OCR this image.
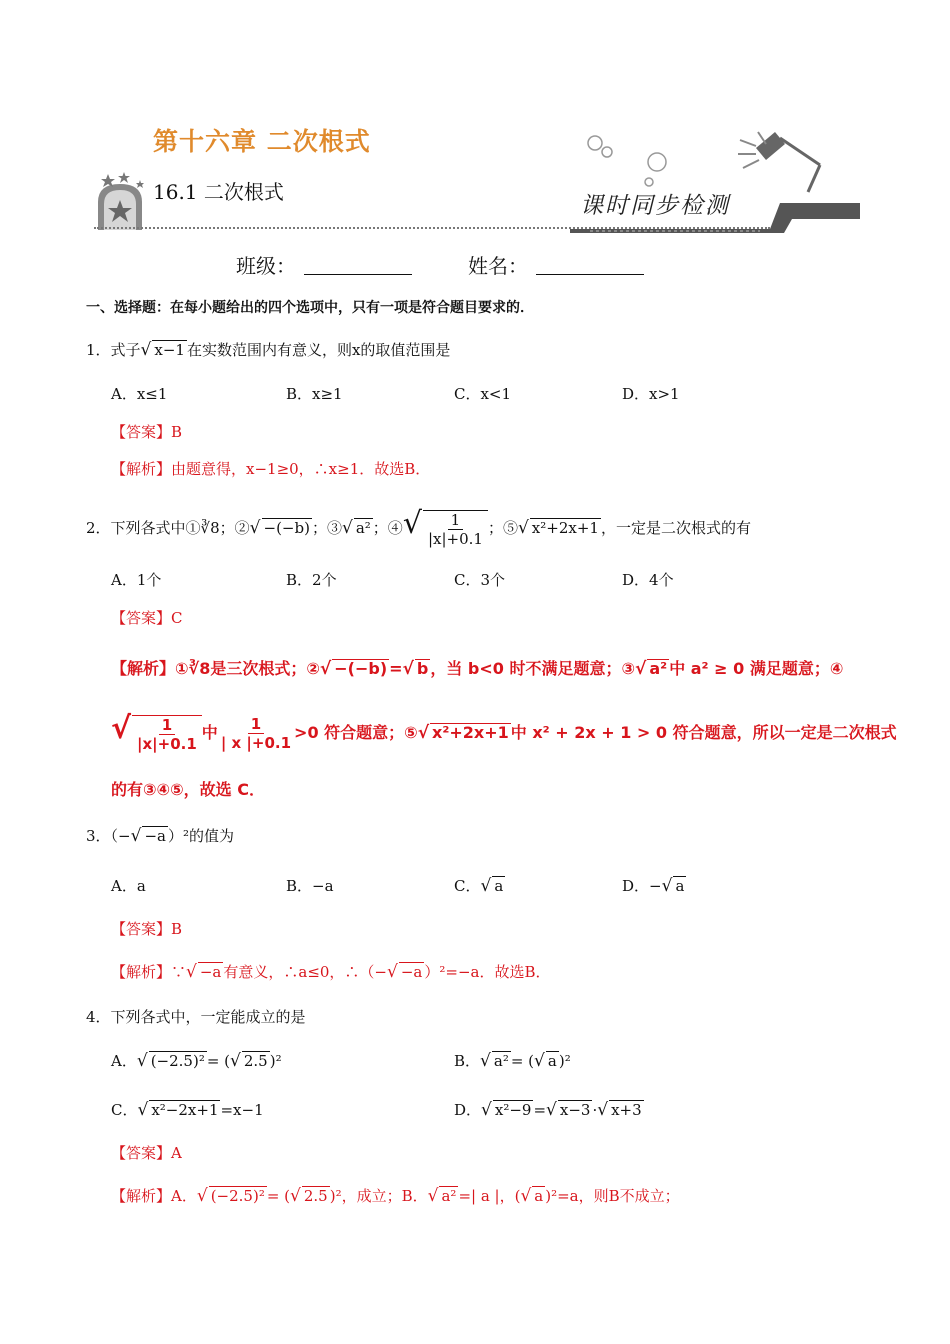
第十六章 二次根式
课时同步检测
16.1 二次根式
班级：	姓名：
一、选择题：在每小题给出的四个选项中，只有一项是符合题目要求的．
1．式子√ x−1 在实数范围内有意义，则x的取值范围是
A．x≤1	B．x≥1	C．x<1	D．x>1
【答案】B
【解析】由题意得，x−1≥0，∴x≥1．故选B．
2．下列各式中①∛8；②√ −(−b) ；③√ a² ；④√ $\frac{1}{|x|+0.1}$ ；⑤√ x²+2x+1 ，一定是二次根式的有
A．1个	B．2个	C．3个	D．4个
【答案】C
【解析】①∛8是三次根式；②√ −(−b) =√ b ，当 b<0 时不满足题意；③√ a² 中 a² ≥ 0 满足题意；④
√ $\frac{1}{|x|+0.1}$ 中 $\frac{1}{| x |+0.1} >0$ 符合题意；⑤√ x²+2x+1 中 x² + 2x + 1 > 0 符合题意，所以一定是二次根式
的有③④⑤，故选 C．
3．（−√ −a ）²的值为
A．a	B．−a	C．√ a	D．−√ a
【答案】B
【解析】∵√ −a 有意义，∴a≤0，∴（−√ −a ）²=−a．故选B．
4．下列各式中，一定能成立的是
A．√ (−2.5)² = (√ 2.5 )²	B．√ a² = (√ a )²
C．√ x²−2x+1 =x−1	D．√ x²−9 =√ x−3 ·√ x+3
【答案】A
【解析】A．√ (−2.5)² = (√ 2.5 )²，成立；B．√ a² =| a |，(√ a )²=a，则B不成立；
